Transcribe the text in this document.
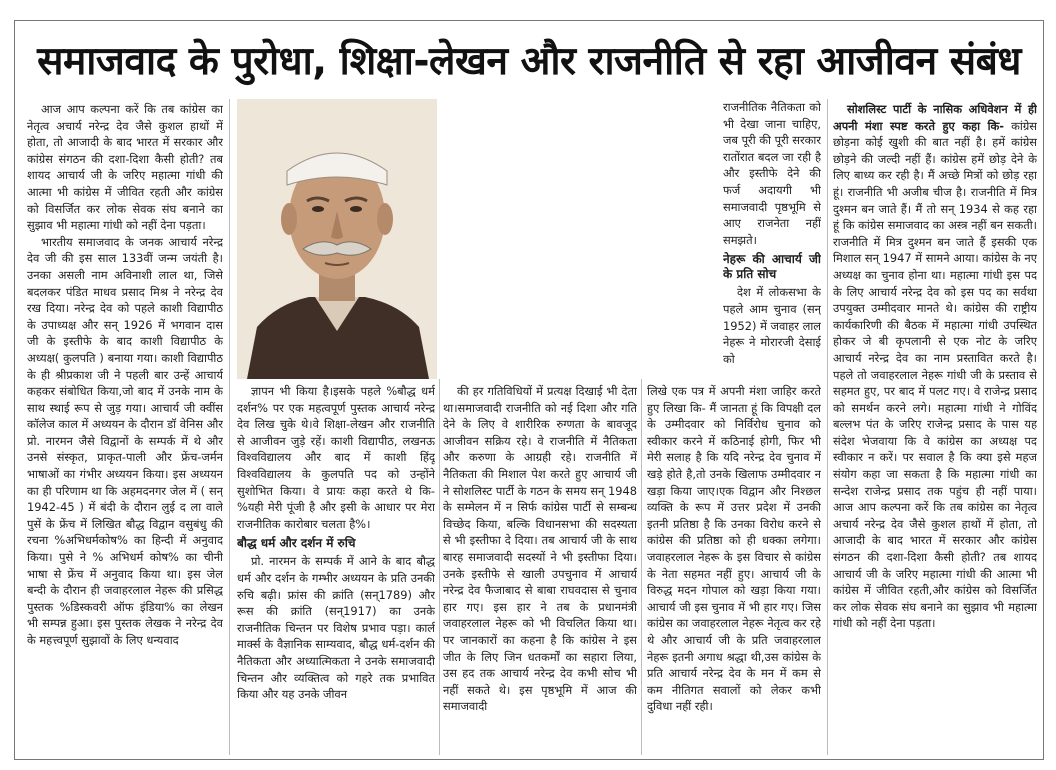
समाजवाद के पुरोधा, शिक्षा-लेखन और राजनीति से रहा आजीवन संबंध

आज आप कल्पना करें कि तब कांग्रेस का नेतृत्व अचार्य नरेन्द्र देव जैसे कुशल हाथों में होता, तो आजादी के बाद भारत में सरकार और कांग्रेस संगठन की दशा-दिशा कैसी होती? तब शायद आचार्य जी के जरिए महात्मा गांधी की आत्मा भी कांग्रेस में जीवित रहती और कांग्रेस को विसर्जित कर लोक सेवक संघ बनाने का सुझाव भी महात्मा गांधी को नहीं देना पड़ता।

भारतीय समाजवाद के जनक आचार्य नरेन्द्र देव जी की इस साल 133वीं जन्म जयंती है। उनका असली नाम अविनाशी लाल था, जिसे बदलकर पंडित माधव प्रसाद मिश्र ने नरेन्द्र देव रख दिया। नरेन्द्र देव को पहले काशी विद्यापीठ के उपाध्यक्ष और सन् 1926 में भगवान दास जी के इस्तीफे के बाद काशी विद्यापीठ के अध्यक्ष( कुलपति ) बनाया गया। काशी विद्यापीठ के ही श्रीप्रकाश जी ने पहली बार उन्हें आचार्य कहकर संबोधित किया,जो बाद में उनके नाम के साथ स्थाई रूप से जुड़ गया। आचार्य जी क्वींस कॉलेज काल में अध्ययन के दौरान डॉ वेनिस और प्रो. नारमन जैसे विद्वानों के सम्पर्क में थे और उनसे संस्कृत, प्राकृत-पाली और फ्रेंच-जर्मन भाषाओं का गंभीर अध्ययन किया। इस अध्ययन का ही परिणाम था कि अहमदनगर जेल में ( सन् 1942-45 ) में बंदी के दौरान लुई द ला वाले पुसें के फ्रेंच में लिखित बौद्ध विद्वान वसुबंधु की रचना %अभिधर्मकोष% का हिन्दी में अनुवाद किया। पुसे ने % अभिधर्म कोष% का चीनी भाषा से फ्रेंच में अनुवाद किया था। इस जेल बन्दी के दौरान ही जवाहरलाल नेहरू की प्रसिद्ध पुस्तक %डिस्कवरी ऑफ इंडिया% का लेखन भी सम्पन्न हुआ। इस पुस्तक लेखक ने नरेन्द्र देव के महत्त्वपूर्ण सुझावों के लिए धन्यवाद

ज्ञापन भी किया है।इसके पहले %बौद्ध धर्म दर्शन% पर एक महत्वपूर्ण पुस्तक आचार्य नरेन्द्र देव लिख चुके थे।वे शिक्षा-लेखन और राजनीति से आजीवन जुड़े रहें। काशी विद्यापीठ, लखनऊ विश्वविद्यालय और बाद में काशी हिंदू विश्वविद्यालय के कुलपति पद को उन्होंने सुशोभित किया। वे प्रायः कहा करते थे कि- %यही मेरी पूंजी है और इसी के आधार पर मेरा राजनीतिक कारोबार चलता है%।

बौद्ध धर्म और दर्शन में रुचि

प्रो. नारमन के सम्पर्क में आने के बाद बौद्ध धर्म और दर्शन के गम्भीर अध्ययन के प्रति उनकी रुचि बढ़ी। फ्रांस की क्रांति (सन्1789) और रूस की क्रांति (सन्1917) का उनके राजनीतिक चिन्तन पर विशेष प्रभाव पड़ा। कार्ल मार्क्स के वैज्ञानिक साम्यवाद, बौद्ध धर्म-दर्शन की नैतिकता और अध्यात्मिकता ने उनके समाजवादी चिन्तन और व्यक्तित्व को गहरे तक प्रभावित किया और यह उनके जीवन

की हर गतिविधियों में प्रत्यक्ष दिखाई भी देता था।समाजवादी राजनीति को नई दिशा और गति देने के लिए वे शारीरिक रुग्णता के बावजूद आजीवन सक्रिय रहे। वे राजनीति में नैतिकता और करुणा के आग्रही रहे। राजनीति में नैतिकता की मिशाल पेश करते हुए आचार्य जी ने सोशलिस्ट पार्टी के गठन के समय सन् 1948 के सम्मेलन में न सिर्फ कांग्रेस पार्टी से सम्बन्ध विच्छेद किया, बल्कि विधानसभा की सदस्यता से भी इस्तीफा दे दिया। तब आचार्य जी के साथ बारह समाजवादी सदस्यों ने भी इस्तीफा दिया।उनके इस्तीफे से खाली उपचुनाव में आचार्य नरेन्द्र देव फैजाबाद से बाबा राघवदास से चुनाव हार गए। इस हार ने तब के प्रधानमंत्री जवाहरलाल नेहरू को भी विचलित किया था। पर जानकारों का कहना है कि कांग्रेस ने इस जीत के लिए जिन धतकर्मों का सहारा लिया, उस हद तक आचार्य नरेन्द्र देव कभी सोच भी नहीं सकते थे। इस पृष्ठभूमि में आज की समाजवादी

राजनीतिक नैतिकता को भी देखा जाना चाहिए, जब पूरी की पूरी सरकार रातोंरात बदल जा रही है और इस्तीफे देने की फर्ज अदायगी भी समाजवादी पृष्ठभूमि से आए राजनेता नहीं समझते।

नेहरू की आचार्य जी के प्रति सोच

देश में लोकसभा के पहले आम चुनाव (सन् 1952) में जवाहर लाल नेहरू ने मोरारजी देसाई को

लिखे एक पत्र में अपनी मंशा जाहिर करते हुए लिखा कि- मैं जानता हूं कि विपक्षी दल के उम्मीदवार को निर्विरोध चुनाव को स्वीकार करने में कठिनाई होगी, फिर भी मेरी सलाह है कि यदि नरेन्द्र देव चुनाव में खड़े होते है,तो उनके खिलाफ उम्मीदवार न खड़ा किया जाए।एक विद्वान और निश्छल व्यक्ति के रूप में उत्तर प्रदेश में उनकी इतनी प्रतिष्ठा है कि उनका विरोध करने से कांग्रेस की प्रतिष्ठा को ही धक्का लगेगा। जवाहरलाल नेहरू के इस विचार से कांग्रेस के नेता सहमत नहीं हुए। आचार्य जी के विरुद्ध मदन गोपाल को खड़ा किया गया। आचार्य जी इस चुनाव में भी हार गए। जिस कांग्रेस का जवाहरलाल नेहरू नेतृत्व कर रहे थे और आचार्य जी के प्रति जवाहरलाल नेहरू इतनी अगाध श्रद्धा थी,उस कांग्रेस के प्रति आचार्य नरेन्द्र देव के मन में कम से कम नीतिगत सवालों को लेकर कभी दुविधा नहीं रही।

सोशलिस्ट पार्टी के नासिक अधिवेशन में ही अपनी मंशा स्पष्ट करते हुए कहा कि- कांग्रेस छोड़ना कोई खुशी की बात नहीं है। हमें कांग्रेस छोड़ने की जल्दी नहीं हैं। कांग्रेस हमें छोड़ देने के लिए बाध्य कर रही है। मैं अच्छे मित्रों को छोड़ रहा हूं। राजनीति भी अजीब चीज है। राजनीति में मित्र दुश्मन बन जाते हैं। मैं तो सन् 1934 से कह रहा हूं कि कांग्रेस समाजवाद का अस्त्र नहीं बन सकती। राजनीति में मित्र दुश्मन बन जाते हैं इसकी एक मिशाल सन् 1947 में सामने आया। कांग्रेस के नए अध्यक्ष का चुनाव होना था। महात्मा गांधी इस पद के लिए आचार्य नरेन्द्र देव को इस पद का सर्वथा उपयुक्त उम्मीदवार मानते थे। कांग्रेस की राष्ट्रीय कार्यकारिणी की बैठक में महात्मा गांधी उपस्थित होकर जे बी कृपलानी से एक नोट के जरिए आचार्य नरेन्द्र देव का नाम प्रस्तावित करते है। पहले तो जवाहरलाल नेहरू गांधी जी के प्रस्ताव से सहमत हुए, पर बाद में पलट गए। वे राजेन्द्र प्रसाद को समर्थन करने लगे। महात्मा गांधी ने गोविंद बल्लभ पंत के जरिए राजेन्द्र प्रसाद के पास यह संदेश भेजवाया कि वे कांग्रेस का अध्यक्ष पद स्वीकार न करें। पर सवाल है कि क्या इसे महज संयोग कहा जा सकता है कि महात्मा गांधी का सन्देश राजेन्द्र प्रसाद तक पहुंच ही नहीं पाया। आज आप कल्पना करें कि तब कांग्रेस का नेतृत्व अचार्य नरेन्द्र देव जैसे कुशल हाथों में होता, तो आजादी के बाद भारत में सरकार और कांग्रेस संगठन की दशा-दिशा कैसी होती? तब शायद आचार्य जी के जरिए महात्मा गांधी की आत्मा भी कांग्रेस में जीवित रहती,और कांग्रेस को विसर्जित कर लोक सेवक संघ बनाने का सुझाव भी महात्मा गांधी को नहीं देना पड़ता।
